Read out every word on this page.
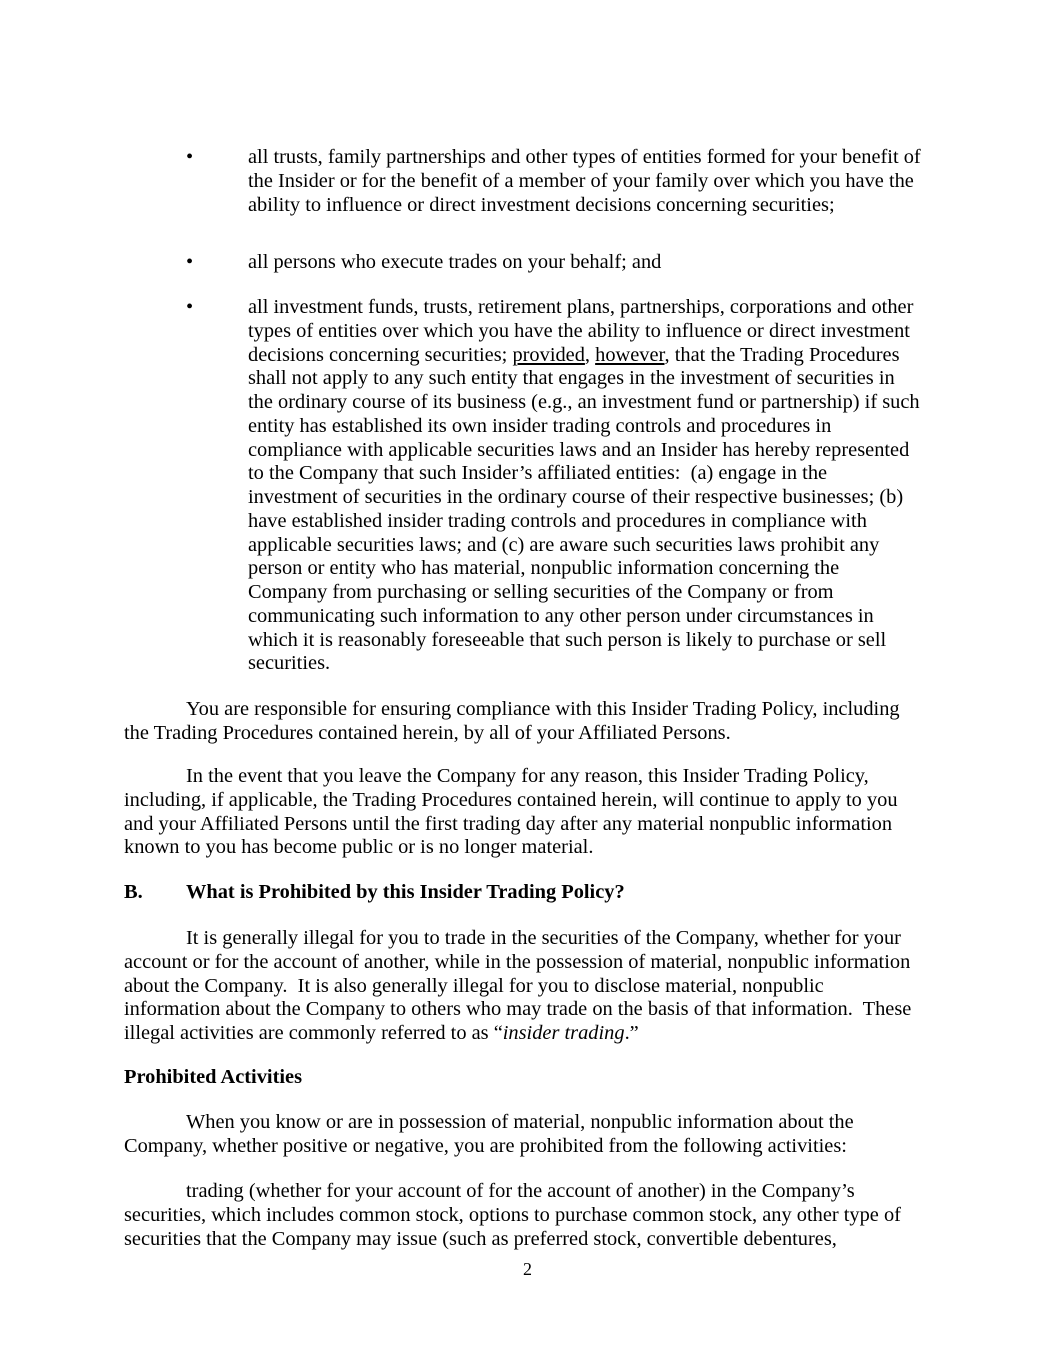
•	all trusts, family partnerships and other types of entities formed for your benefit of
the Insider or for the benefit of a member of your family over which you have the
ability to influence or direct investment decisions concerning securities;
•	all persons who execute trades on your behalf; and
•	all investment funds, trusts, retirement plans, partnerships, corporations and other
types of entities over which you have the ability to influence or direct investment
decisions concerning securities; provided, however, that the Trading Procedures
shall not apply to any such entity that engages in the investment of securities in
the ordinary course of its business (e.g., an investment fund or partnership) if such
entity has established its own insider trading controls and procedures in
compliance with applicable securities laws and an Insider has hereby represented
to the Company that such Insider’s affiliated entities:  (a) engage in the
investment of securities in the ordinary course of their respective businesses; (b)
have established insider trading controls and procedures in compliance with
applicable securities laws; and (c) are aware such securities laws prohibit any
person or entity who has material, nonpublic information concerning the
Company from purchasing or selling securities of the Company or from
communicating such information to any other person under circumstances in
which it is reasonably foreseeable that such person is likely to purchase or sell
securities.
You are responsible for ensuring compliance with this Insider Trading Policy, including
the Trading Procedures contained herein, by all of your Affiliated Persons.
In the event that you leave the Company for any reason, this Insider Trading Policy,
including, if applicable, the Trading Procedures contained herein, will continue to apply to you
and your Affiliated Persons until the first trading day after any material nonpublic information
known to you has become public or is no longer material.
B. What is Prohibited by this Insider Trading Policy?
It is generally illegal for you to trade in the securities of the Company, whether for your
account or for the account of another, while in the possession of material, nonpublic information
about the Company.  It is also generally illegal for you to disclose material, nonpublic
information about the Company to others who may trade on the basis of that information.  These
illegal activities are commonly referred to as “insider trading.”
Prohibited Activities
When you know or are in possession of material, nonpublic information about the
Company, whether positive or negative, you are prohibited from the following activities:
trading (whether for your account of for the account of another) in the Company’s
securities, which includes common stock, options to purchase common stock, any other type of
securities that the Company may issue (such as preferred stock, convertible debentures,
2
